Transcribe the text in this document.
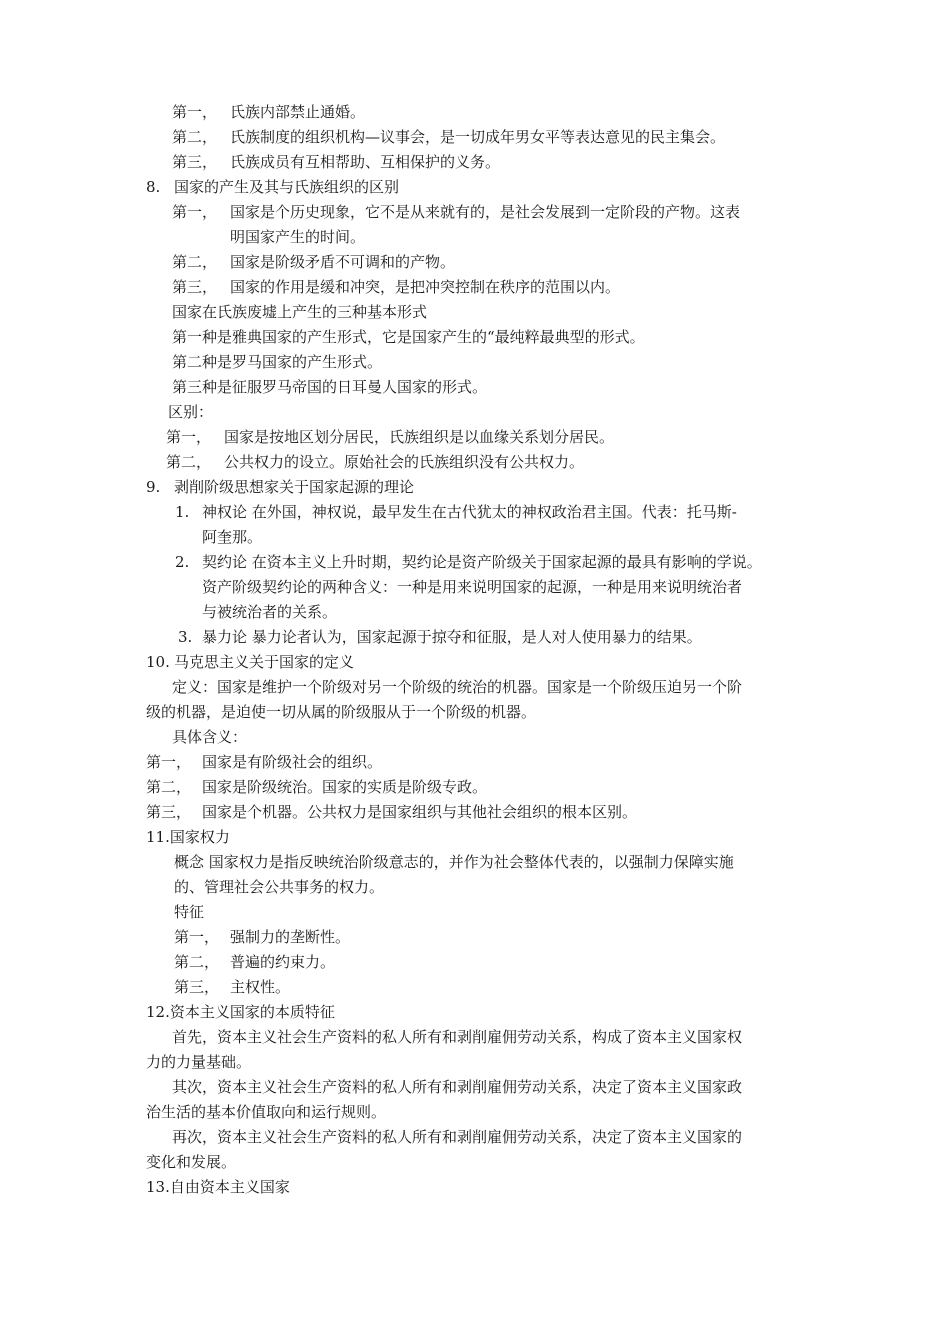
第一， 氏族内部禁止通婚。
第二， 氏族制度的组织机构—议事会，是一切成年男女平等表达意见的民主集会。
第三， 氏族成员有互相帮助、互相保护的义务。
8. 国家的产生及其与氏族组织的区别
第一， 国家是个历史现象，它不是从来就有的，是社会发展到一定阶段的产物。这表
明国家产生的时间。
第二， 国家是阶级矛盾不可调和的产物。
第三， 国家的作用是缓和冲突，是把冲突控制在秩序的范围以内。
国家在氏族废墟上产生的三种基本形式
第一种是雅典国家的产生形式，它是国家产生的“最纯粹最典型的形式。
第二种是罗马国家的产生形式。
第三种是征服罗马帝国的日耳曼人国家的形式。
区别：
第一， 国家是按地区划分居民，氏族组织是以血缘关系划分居民。
第二， 公共权力的设立。原始社会的氏族组织没有公共权力。
9. 剥削阶级思想家关于国家起源的理论
1. 神权论 在外国，神权说，最早发生在古代犹太的神权政治君主国。代表：托马斯-
阿奎那。
2. 契约论 在资本主义上升时期，契约论是资产阶级关于国家起源的最具有影响的学说。
资产阶级契约论的两种含义：一种是用来说明国家的起源，一种是用来说明统治者
与被统治者的关系。
3. 暴力论 暴力论者认为，国家起源于掠夺和征服，是人对人使用暴力的结果。
10. 马克思主义关于国家的定义
定义：国家是维护一个阶级对另一个阶级的统治的机器。国家是一个阶级压迫另一个阶
级的机器，是迫使一切从属的阶级服从于一个阶级的机器。
具体含义：
第一， 国家是有阶级社会的组织。
第二， 国家是阶级统治。国家的实质是阶级专政。
第三， 国家是个机器。公共权力是国家组织与其他社会组织的根本区别。
11.国家权力
概念 国家权力是指反映统治阶级意志的，并作为社会整体代表的，以强制力保障实施
的、管理社会公共事务的权力。
特征
第一， 强制力的垄断性。
第二， 普遍的约束力。
第三， 主权性。
12.资本主义国家的本质特征
首先，资本主义社会生产资料的私人所有和剥削雇佣劳动关系，构成了资本主义国家权
力的力量基础。
其次，资本主义社会生产资料的私人所有和剥削雇佣劳动关系，决定了资本主义国家政
治生活的基本价值取向和运行规则。
再次，资本主义社会生产资料的私人所有和剥削雇佣劳动关系，决定了资本主义国家的
变化和发展。
13.自由资本主义国家
